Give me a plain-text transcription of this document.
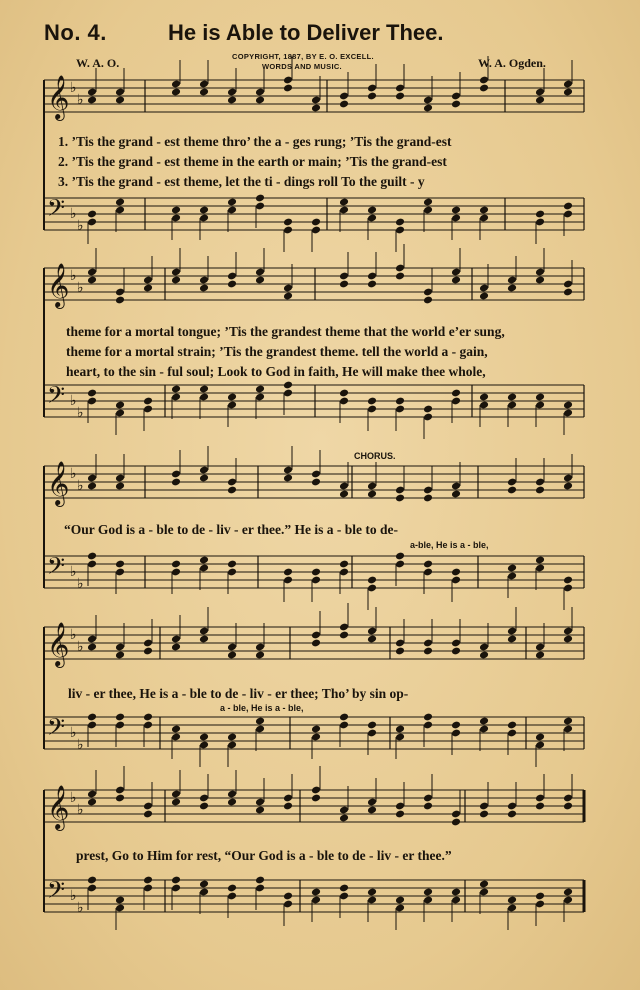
No. 4.	He is Able to Deliver Thee.
COPYRIGHT, 1887, BY E. O. EXCELL.
WORDS AND MUSIC.
W. A. O.	W. A. Ogden.
CHORUS.
𝄞 ♭
♭
𝄢 ♭
♭
𝄞 ♭
♭
𝄢 ♭
♭
𝄞 ♭
♭
𝄢 ♭
♭
𝄞 ♭
♭
𝄢 ♭
♭
𝄞 ♭
♭
𝄢 ♭
♭
1. ’Tis the grand - est theme thro’ the a - ges rung; ’Tis the grand-est
2. ’Tis the grand - est theme in the earth or main; ’Tis the grand-est
3. ’Tis the grand - est theme, let the ti - dings roll To the guilt - y
theme for a mortal tongue; ’Tis the grandest theme that the world e’er sung,
theme for a mortal strain; ’Tis the grandest theme. tell the world a - gain,
heart, to the sin - ful soul; Look to God in faith, He will make thee whole,
“Our God is a - ble to de - liv - er thee.” He is a - ble to de-
a-ble, He is a - ble,
liv - er thee, He is a - ble to de - liv - er thee; Tho’ by sin op-
a - ble, He is a - ble,
prest, Go to Him for rest, “Our God is a - ble to de - liv - er thee.”
